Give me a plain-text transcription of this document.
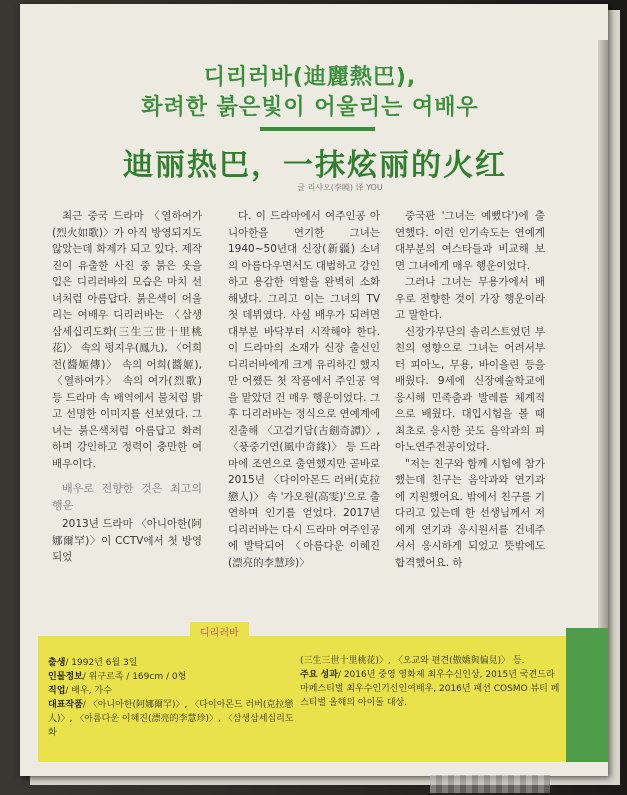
디리러바(迪麗熱巴),
화려한 붉은빛이 어울리는 여배우
迪丽热巴，一抹炫丽的火红
글 리샤오(李曉) 译 YOU

최근 중국 드라마 〈열하여가(烈火如歌)〉가 아직 방영되지도 않았는데 화제가 되고 있다. 제작진이 유출한 사진 중 붉은 옷을 입은 디리러바의 모습은 마치 선녀처럼 아름답다. 붉은색이 어울리는 여배우 디리러바는 〈삼생삼세십리도화(三生三世十里桃花)〉 속의 펑지우(鳳九), 〈어희전(醬姬傳)〉 속의 어희(醬姬), 〈열하여가〉 속의 여가(烈歌) 등 드라마 속 배역에서 불처럼 밝고 선명한 이미지를 선보였다. 그녀는 붉은색처럼 아름답고 화려하며 강인하고 정력이 충만한 여배우이다.

배우로 전향한 것은 최고의 행운

2013년 드라마 〈아니아한(阿娜爾罕)〉이 CCTV에서 첫 방영되었

다. 이 드라마에서 여주인공 아니아한을 연기한 그녀는 1940~50년대 신장(新疆) 소녀의 아름다우면서도 대범하고 강인하고 용감한 역할을 완벽히 소화해냈다. 그리고 이는 그녀의 TV 첫 데뷔였다. 사실 배우가 되려면 대부분 바닥부터 시작해야 한다. 이 드라마의 소재가 신장 출신인 디리러바에게 크게 유리하긴 했지만 어쨌든 첫 작품에서 주인공 역을 맡았던 건 매우 행운이었다. 그 후 디리러바는 정식으로 연예계에 진출해 〈고검기담(古劍奇譚)〉, 〈풍중기연(風中奇緣)〉 등 드라마에 조연으로 출연했지만 곧바로 2015년 〈다이아몬드 러버(克拉戀人)〉 속 '가오원(高雯)'으로 출연하며 인기를 얻었다. 2017년 디리러바는 다시 드라마 여주인공에 발탁되어 〈아름다운 이혜진(漂亮的李慧珍)〉

중국판 '그녀는 예뻤다')에 출연했다. 이런 인기속도는 연예계 대부분의 여스타들과 비교해 보면 그녀에게 매우 행운이었다.

그러나 그녀는 무용가에서 배우로 전향한 것이 가장 행운이라고 말한다.

신장가무단의 솔리스트였던 부친의 영향으로 그녀는 어려서부터 피아노, 무용, 바이올린 등을 배웠다. 9세에 신장예술학교에 응시해 민족춤과 발레를 체계적으로 배웠다. 대입시험을 볼 때 최초로 응시한 곳도 음악과의 피아노연주전공이었다.

"저는 친구와 함께 시험에 참가했는데 친구는 음악과와 연기과에 지원했어요. 밖에서 친구를 기다리고 있는데 한 선생님께서 저에게 연기과 응시원서를 건네주셔서 응시하게 되었고 뜻밖에도 합격했어요. 하

디리러바
출생/ 1992년 6월 3일
인물정보/ 위구르족 / 169cm / 0형
직업/ 배우, 가수
대표작품/ 〈아니아한(阿娜爾罕)〉, 〈다이아몬드 러버(克拉戀人)〉, 〈아름다운 이혜진(漂亮的李慧珍)〉, 〈삼생삼세십리도화
(三生三世十里桃花)〉, 〈오교와 편견(傲嬌與偏見)〉 등.
주요 성과/ 2016년 중영 영화제 최우수신인상, 2015년 국견드라마페스티벌 최우수인기신인여배우, 2016년 패션 COSMO 뷰티 페스티벌 올해의 아이돌 대상.
